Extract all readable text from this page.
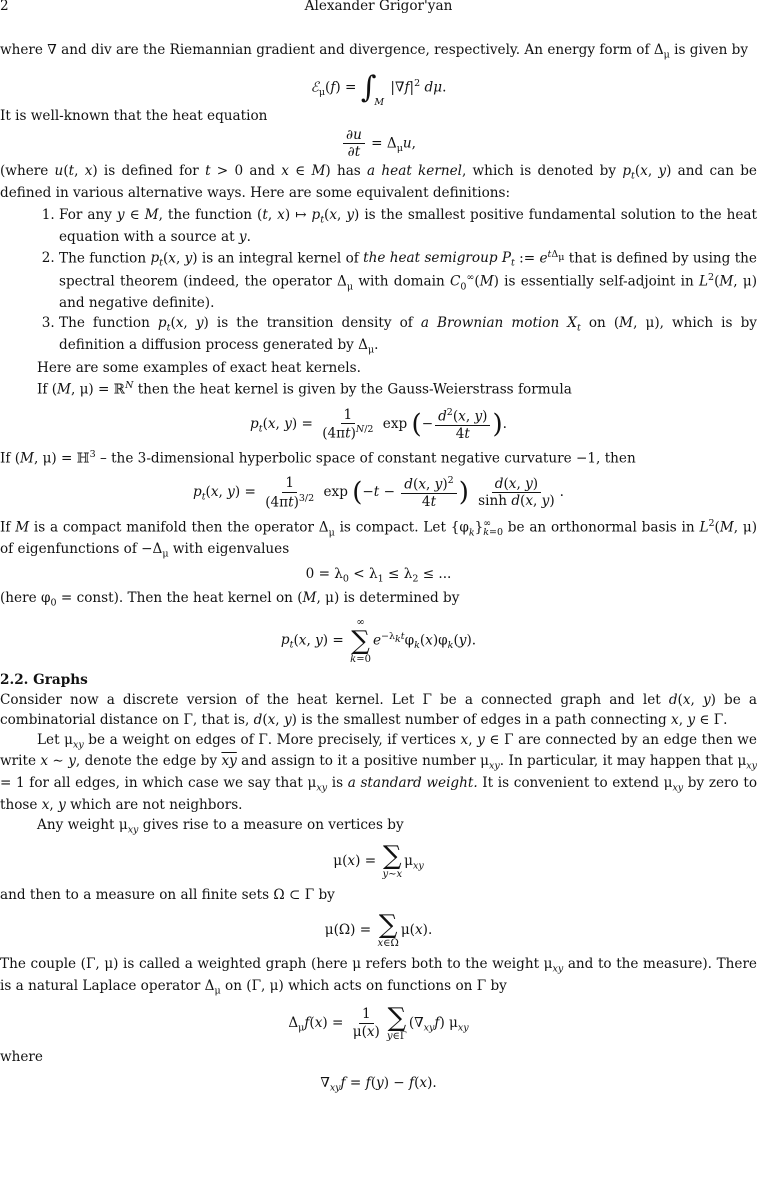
2	Alexander Grigor'yan

where ∇ and div are the Riemannian gradient and divergence, respectively. An energy form of $\Delta_\mu$ is given by

ℰ$_\mu$(f) = $\int_M$ $|\nabla f|^2$ dμ.

It is well-known that the heat equation

$\frac{\partial u}{\partial t} = \Delta_\mu u$,

(where u(t, x) is defined for t > 0 and x ∈ M) has a heat kernel, which is denoted by $p_t(x$, y) and can be defined in various alternative ways. Here are some equivalent definitions:

1. For any y ∈ M, the function (t, x) ↦ $p_t(x$, y) is the smallest positive fundamental solution to the heat equation with a source at y.
2. The function $p_t(x$, y) is an integral kernel of the heat semigroup $P_t$ := $e^{t\Delta_\mu}$ that is defined by using the spectral theorem (indeed, the operator $\Delta_\mu$ with domain $C_0^\infty(M)$ is essentially self-adjoint in $L^2(M$, μ) and negative definite).
3. The function $p_t(x$, y) is the transition density of a Brownian motion $X_t$ on (M, μ), which is by definition a diffusion process generated by $\Delta_\mu$.

Here are some examples of exact heat kernels.

If (M, μ) = ℝ$^N$ then the heat kernel is given by the Gauss-Weierstrass formula

$p_t(x$, $y) = \frac{1}{(4\pi t)^{N/2}}$ exp (− $\frac{d^2(x, y)}{4t}$ ).

If (M, μ) = ℍ$^3$ – the 3-dimensional hyperbolic space of constant negative curvature −1, then

$p_t(x$, $y) = \frac{1}{(4\pi t)^{3/2}}$ $\exp (-t - \frac{d(x, y)^2}{4t}$ ) $\frac{d(x, y)}{\text{sinh d(x, y)}}$ .

If M is a compact manifold then the operator $\Delta_\mu$ is compact. Let $\{\varphi_k\}^\infty_{k=0}$ be an orthonormal basis in $L^2(M$, μ) of eigenfunctions of $-\Delta_\mu$ with eigenvalues

$0 = \lambda_0 < \lambda_1 \le \lambda_2$ ≤ ...

(here $\varphi_0$ = const). Then the heat kernel on (M, μ) is determined by

$p_t(x$, y) =
∞
∑
k=0
$e^{-\lambda_kt}\varphi_k(x)\varphi_k(y)$.

2.2. Graphs

Consider now a discrete version of the heat kernel. Let Γ be a connected graph and let d(x, y) be a combinatorial distance on Γ, that is, d(x, y) is the smallest number of edges in a path connecting x, y ∈ Γ.

Let $\mu_{xy}$ be a weight on edges of Γ. More precisely, if vertices x, y ∈ Γ are connected by an edge then we write x ∼ y, denote the edge by $\overline{xy}$ and assign to it a positive number $\mu_{xy}$. In particular, it may happen that $\mu_{xy} = 1$ for all edges, in which case we say that $\mu_{xy}$ is a standard weight. It is convenient to extend $\mu_{xy}$ by zero to those x, y which are not neighbors.

Any weight $\mu_{xy}$ gives rise to a measure on vertices by

μ(x) = ∑
y∼x
$\mu_{xy}$

and then to a measure on all finite sets Ω ⊂ Γ by

μ(Ω) = ∑
x∈Ω
μ(x).

The couple (Γ, μ) is called a weighted graph (here μ refers both to the weight $\mu_{xy}$ and to the measure). There is a natural Laplace operator $\Delta_\mu$ on (Γ, μ) which acts on functions on Γ by

$\Delta_\mu f(x) = \frac{1}{\mu(x)}$ ∑
y∈Γ
$(\nabla_{xy}f)$ $\mu_{xy}$

where

$\nabla_{xy}f = f(y) - f(x)$.
